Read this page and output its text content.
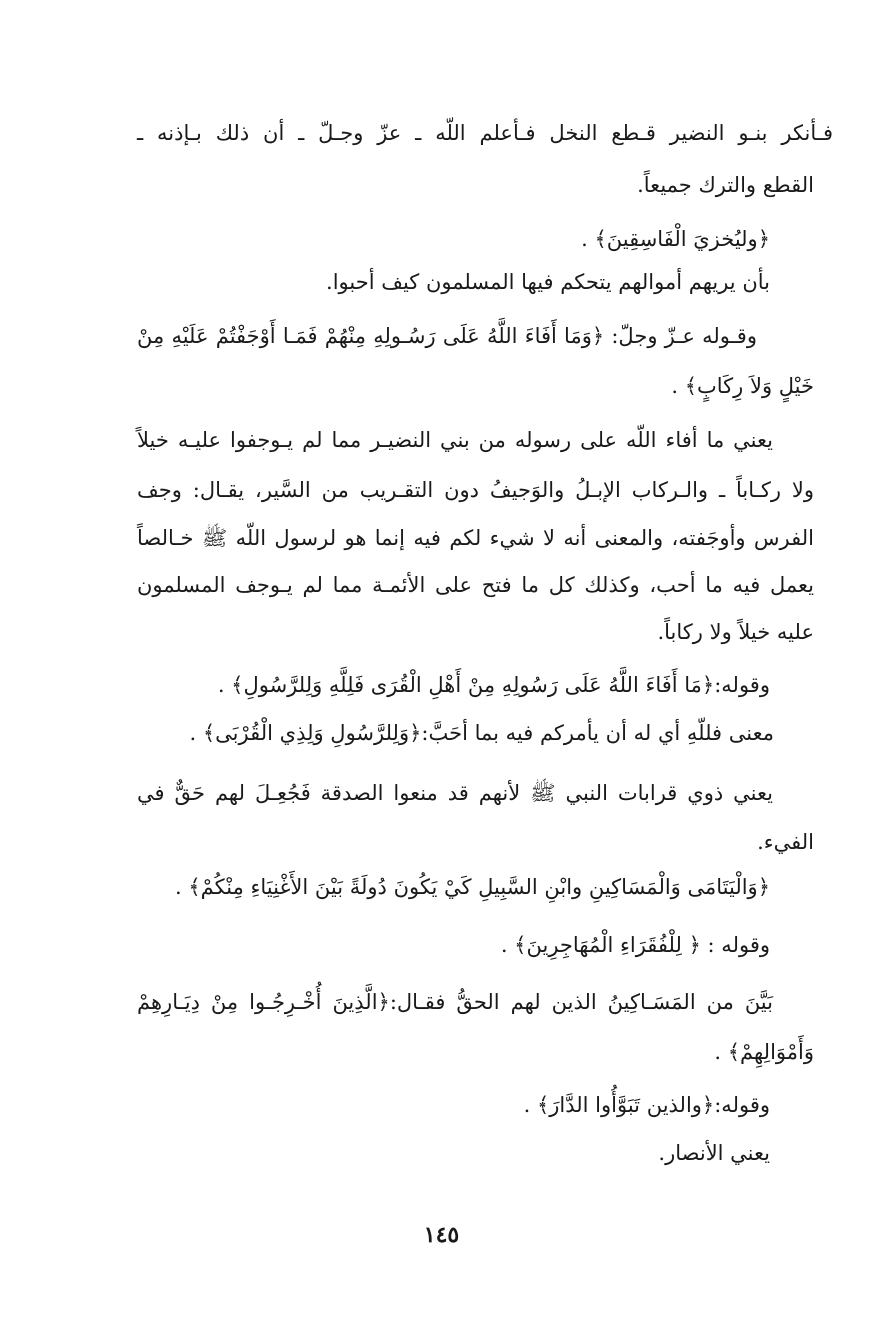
فـأنكر بنـو النضير قـطع النخل فـأعلم اللّه ـ عزّ وجـلّ ـ أن ذلك بـإذنه ـ
القطع والترك جميعاً.
﴿وليُخزيَ الْفَاسِقِينَ﴾ .
بأن يريهم أموالهم يتحكم فيها المسلمون كيف أحبوا.
وقـوله عـزّ وجلّ: ﴿وَمَا أَفَاءَ اللَّهُ عَلَى رَسُـولِهِ مِنْهُمْ فَمَـا أَوْجَفْتُمْ عَلَيْهِ مِنْ
خَيْلٍ وَلاَ رِكَابٍ﴾ .
يعني ما أفاء اللّه على رسوله من بني النضيـر مما لم يـوجفوا عليـه خيلاً
ولا ركـاباً ـ والـركاب الإبـلُ والوَجيفُ دون التقـريب من السَّير، يقـال: وجف
الفرس وأوجَفته، والمعنى أنه لا شيء لكم فيه إنما هو لرسول اللّه ﷺ خـالصاً
يعمل فيه ما أحب، وكذلك كل ما فتح على الأئمـة مما لم يـوجف المسلمون
عليه خيلاً ولا ركاباً.
وقوله:﴿مَا أَفَاءَ اللَّهُ عَلَى رَسُولِهِ مِنْ أَهْلِ الْقُرَى فَلِلَّهِ وَلِلرَّسُولِ﴾ .
معنى فللّهِ أي له أن يأمركم فيه بما أحَبَّ:﴿وَلِلرَّسُولِ وَلِذِي الْقُرْبَى﴾ .
يعني ذوي قرابات النبي ﷺ لأنهم قد منعوا الصدقة فَجُعِـلَ لهم حَقٌّ في
الفيء.
﴿وَالْيَتَامَى وَالْمَسَاكِينِ وابْنِ السَّبِيلِ كَيْ يَكُونَ دُولَةً بَيْنَ الأَغْنِيَاءِ مِنْكُمْ﴾ .
وقوله : ﴿ لِلْفُقَرَاءِ الْمُهَاجِرِينَ﴾ .
بَيَّنَ من المَسَـاكِينُ الذين لهم الحقُّ فقـال:﴿الَّذِينَ أُخْـرِجُـوا مِنْ دِيَـارِهِمْ
وَأَمْوَالِهِمْ﴾ .
وقوله:﴿والذين تَبَوَّأُوا الدَّارَ﴾ .
يعني الأنصار.
١٤٥
